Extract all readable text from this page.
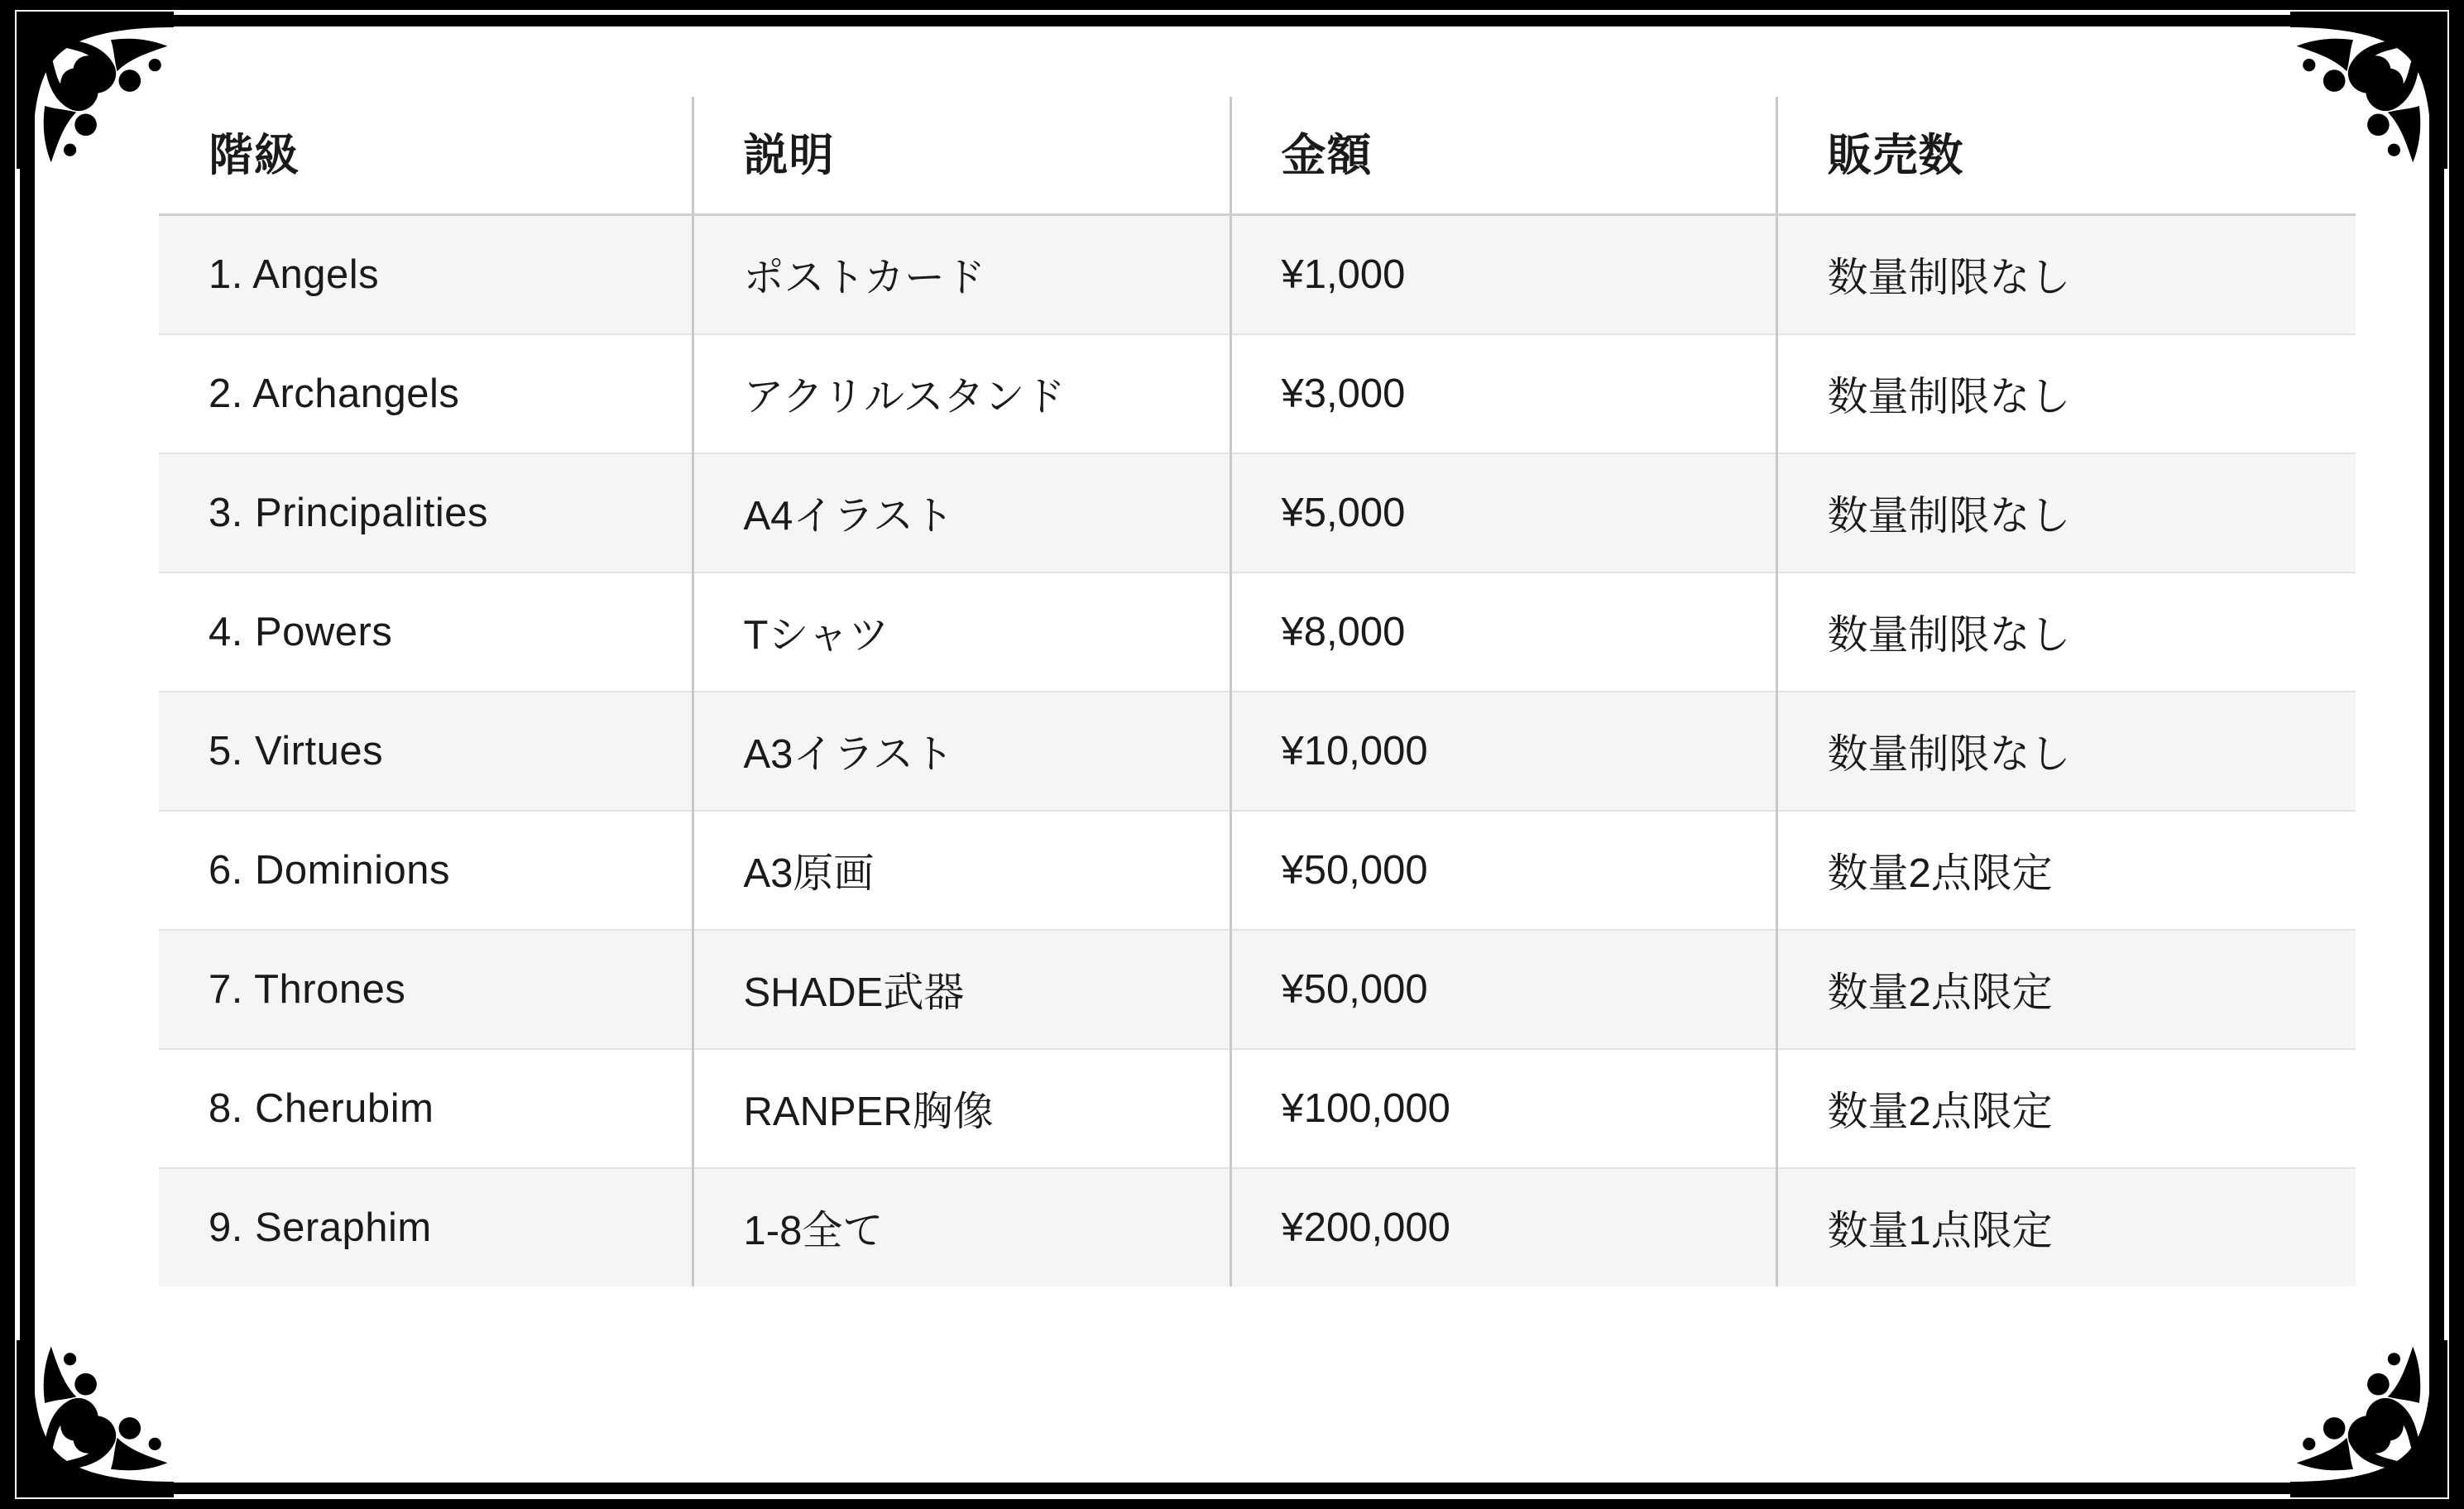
階級	説明	金額	販売数
1. Angels	ポストカード	¥1,000	数量制限なし
2. Archangels	アクリルスタンド	¥3,000	数量制限なし
3. Principalities	A4イラスト	¥5,000	数量制限なし
4. Powers	Tシャツ	¥8,000	数量制限なし
5. Virtues	A3イラスト	¥10,000	数量制限なし
6. Dominions	A3原画	¥50,000	数量2点限定
7. Thrones	SHADE武器	¥50,000	数量2点限定
8. Cherubim	RANPER胸像	¥100,000	数量2点限定
9. Seraphim	1-8全て	¥200,000	数量1点限定
